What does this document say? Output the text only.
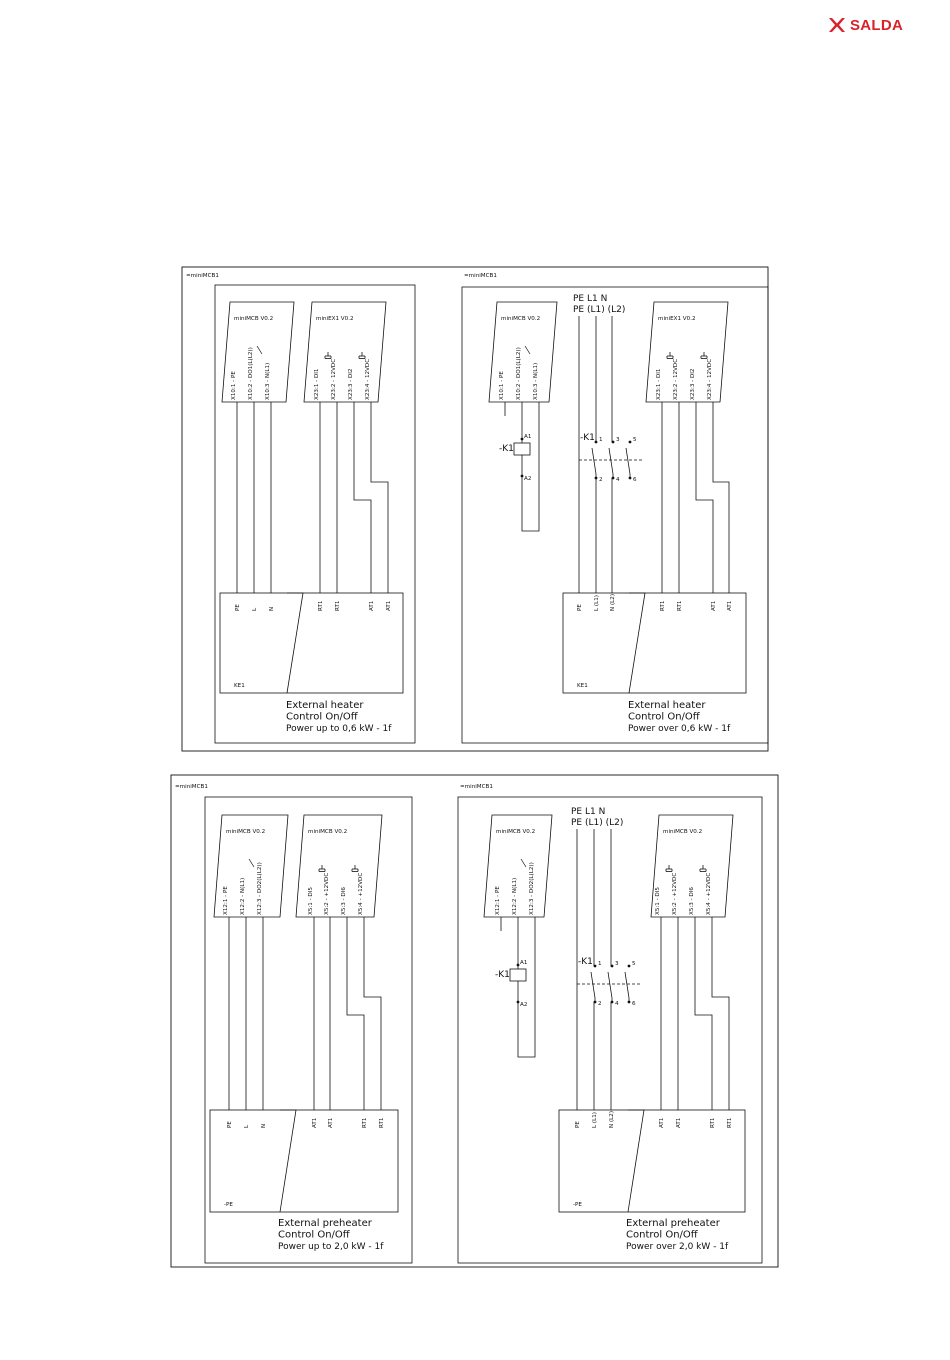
SALDA
=miniMCB1
miniMCB V0.2
X10:1 - PE X10:2 - DO1(L(L2)) X10:3 - N(L1)
miniEX1 V0.2
X23:1 - DI1 X23:2 - 12VDC X23:3 - DI2 X23:4 - 12VDC
KE1
PE L N	RT1 RT1	AT1 AT1
External heater
Control On/Off
Power up to 0,6 kW - 1f
=miniMCB1
miniMCB V0.2
X10:1 - PE X10:2 - DO1(L(L2)) X10:3 - N(L1)
miniEX1 V0.2
X23:1 - DI1 X23:2 - 12VDC X23:3 - DI2 X23:4 - 12VDC
KE1
PE L (L1) N (L2)	RT1 RT1	AT1 AT1
PE L1 N
PE (L1) (L2)
A1
A2
-K1
1
2
3
4
5
6
-K1
External heater
Control On/Off
Power over 0,6 kW - 1f
=miniMCB1
miniMCB V0.2
X12:1 - PE X12:2 - N(L1) X12:3 - DO2(L(L2))
miniMCB V0.2
X5:1 - DI5 X5:2 - +12VDC X5:3 - DI6 X5:4 - +12VDC
-PE
PE L N	AT1 AT1	RT1 RT1
External preheater
Control On/Off
Power up to 2,0 kW - 1f
=miniMCB1
miniMCB V0.2
X12:1 - PE X12:2 - N(L1) X12:3 - DO2(L(L2))
miniMCB V0.2
X5:1 - DI5 X5:2 - +12VDC X5:3 - DI6 X5:4 - +12VDC
-PE
PE L (L1) N (L2)	AT1 AT1	RT1 RT1
PE L1 N
PE (L1) (L2)
A1
A2
-K1
1
2
3
4
5
6
-K1
External preheater
Control On/Off
Power over 2,0 kW - 1f
